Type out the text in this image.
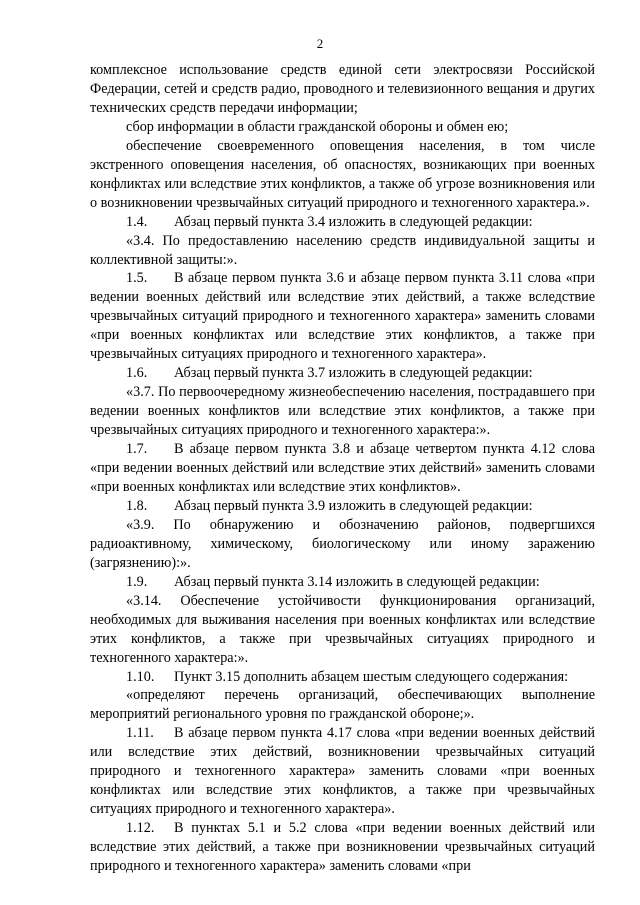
2

комплексное использование средств единой сети электросвязи Российской Федерации, сетей и средств радио, проводного и телевизионного вещания и других технических средств передачи информации;

сбор информации в области гражданской обороны и обмен ею;

обеспечение своевременного оповещения населения, в том числе экстренного оповещения населения, об опасностях, возникающих при военных конфликтах или вследствие этих конфликтов, а также об угрозе возникновения или о возникновении чрезвычайных ситуаций природного и техногенного характера.».

1.4. Абзац первый пункта 3.4 изложить в следующей редакции:

«3.4. По предоставлению населению средств индивидуальной защиты и коллективной защиты:».

1.5. В абзаце первом пункта 3.6 и абзаце первом пункта 3.11 слова «при ведении военных действий или вследствие этих действий, а также вследствие чрезвычайных ситуаций природного и техногенного характера» заменить словами «при военных конфликтах или вследствие этих конфликтов, а также при чрезвычайных ситуациях природного и техногенного характера».

1.6. Абзац первый пункта 3.7 изложить в следующей редакции:

«3.7. По первоочередному жизнеобеспечению населения, пострадавшего при ведении военных конфликтов или вследствие этих конфликтов, а также при чрезвычайных ситуациях природного и техногенного характера:».

1.7. В абзаце первом пункта 3.8 и абзаце четвертом пункта 4.12 слова «при ведении военных действий или вследствие этих действий» заменить словами «при военных конфликтах или вследствие этих конфликтов».

1.8. Абзац первый пункта 3.9 изложить в следующей редакции:

«3.9. По обнаружению и обозначению районов, подвергшихся радиоактивному, химическому, биологическому или иному заражению (загрязнению):».

1.9. Абзац первый пункта 3.14 изложить в следующей редакции:

«3.14. Обеспечение устойчивости функционирования организаций, необходимых для выживания населения при военных конфликтах или вследствие этих конфликтов, а также при чрезвычайных ситуациях природного и техногенного характера:».

1.10. Пункт 3.15 дополнить абзацем шестым следующего содержания:

«определяют перечень организаций, обеспечивающих выполнение мероприятий регионального уровня по гражданской обороне;».

1.11. В абзаце первом пункта 4.17 слова «при ведении военных действий или вследствие этих действий, возникновении чрезвычайных ситуаций природного и техногенного характера» заменить словами «при военных конфликтах или вследствие этих конфликтов, а также при чрезвычайных ситуациях природного и техногенного характера».

1.12. В пунктах 5.1 и 5.2 слова «при ведении военных действий или вследствие этих действий, а также при возникновении чрезвычайных ситуаций природного и техногенного характера» заменить словами «при
